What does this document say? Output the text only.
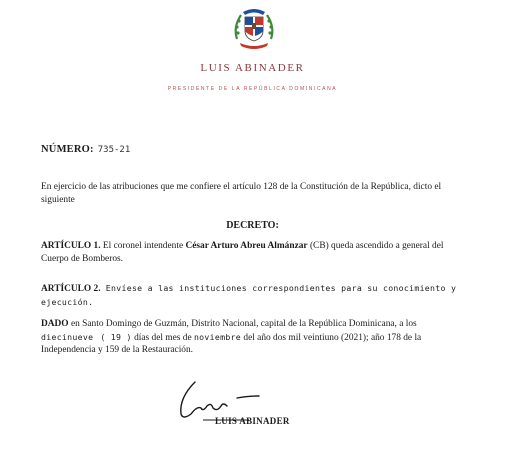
LUIS ABINADER
PRESIDENTE DE LA REPÚBLICA DOMINICANA
NÚMERO: 735-21
En ejercicio de las atribuciones que me confiere el artículo 128 de la Constitución de la República, dicto el siguiente
DECRETO:
ARTÍCULO 1. El coronel intendente César Arturo Abreu Almánzar (CB) queda ascendido a general del Cuerpo de Bomberos.
ARTÍCULO 2. Envíese a las instituciones correspondientes para su conocimiento y ejecución.
DADO en Santo Domingo de Guzmán, Distrito Nacional, capital de la República Dominicana, a los diecinueve ( 19 ) días del mes de noviembre del año dos mil veintiuno (2021); año 178 de la Independencia y 159 de la Restauración.
LUIS ABINADER
